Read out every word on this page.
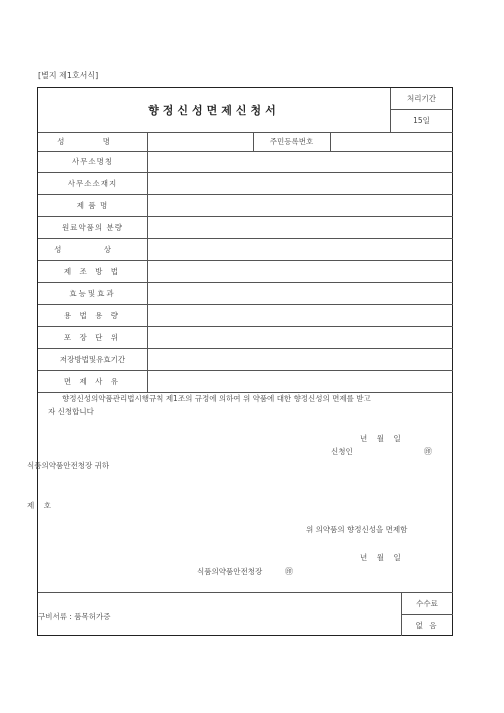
[별지 제1호서식]
향정신성면제신청서
처리기간
15일
성 명	주민등록번호
사무소명칭
사무소소재지
제 품 명
원료약품의 분량
성 상
제 조 방 법
효능및효과
용 법 용 량
포 장 단 위
저장방법및유효기간
면 제 사 유
향정신성의약품관리법시행규칙 제1조의 규정에 의하여 위 약품에 대한 향정신성의 면제를 받고
자 신청합니다
년    월    일
신청인	㊞
식품의약품안전청장 귀하
제    호
위 의약품의 향정신성을 면제함
년    월    일
식품의약품안전청장	㊞
구비서류 : 품목허가증
수수료
없 음
